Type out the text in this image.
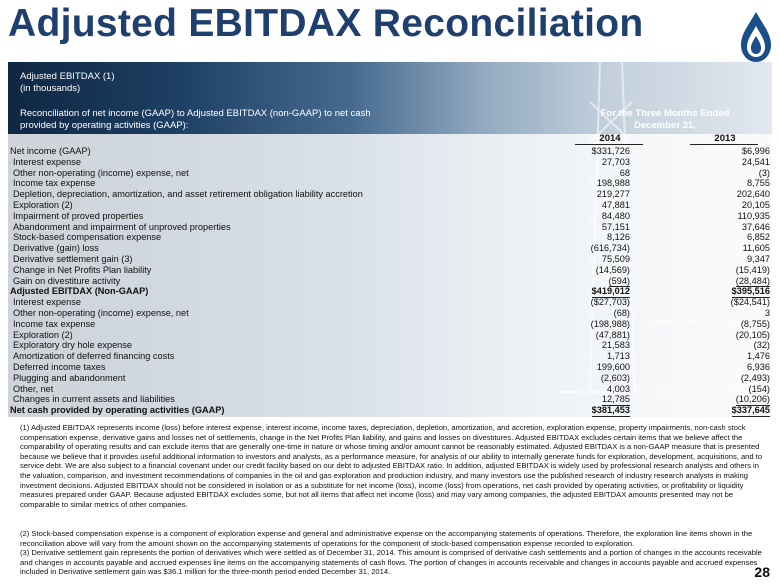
Adjusted EBITDAX Reconciliation
Adjusted EBITDAX (1)
(in thousands)
Reconciliation of net income (GAAP) to Adjusted EBITDAX (non-GAAP) to net cash
provided by operating activities (GAAP):
For the Three Months Ended
December 31,
2014	2013
Net income (GAAP)	$331,726	$6,996
Interest expense	27,703	24,541
Other non-operating (income) expense, net	68	(3)
Income tax expense	198,988	8,755
Depletion, depreciation, amortization, and asset retirement obligation liability accretion	219,277	202,640
Exploration (2)	47,881	20,105
Impairment of proved properties	84,480	110,935
Abandonment and impairment of unproved properties	57,151	37,646
Stock-based compensation expense	8,126	6,852
Derivative (gain) loss	(616,734)	11,605
Derivative settlement gain (3)	75,509	9,347
Change in Net Profits Plan liability	(14,569)	(15,419)
Gain on divestiture activity	(594)	(28,484)
Adjusted EBITDAX (Non-GAAP)	$419,012	$395,516
Interest expense	($27,703)	($24,541)
Other non-operating (income) expense, net	(68)	3
Income tax expense	(198,988)	(8,755)
Exploration (2)	(47,881)	(20,105)
Exploratory dry hole expense	21,583	(32)
Amortization of deferred financing costs	1,713	1,476
Deferred income taxes	199,600	6,936
Plugging and abandonment	(2,603)	(2,493)
Other, net	4,003	(154)
Changes in current assets and liabilities	12,785	(10,206)
Net cash provided by operating activities (GAAP)	$381,453	$337,645
(1) Adjusted EBITDAX represents income (loss) before interest expense, interest income, income taxes, depreciation, depletion, amortization, and accretion, exploration expense, property impairments, non-cash stock compensation expense, derivative gains and losses net of settlements, change in the Net Profits Plan liability, and gains and losses on divestitures. Adjusted EBITDAX excludes certain items that we believe affect the comparability of operating results and can exclude items that are generally one-time in nature or whose timing and/or amount cannot be reasonably estimated. Adjusted EBITDAX is a non-GAAP measure that is presented because we believe that it provides useful additional information to investors and analysts, as a performance measure, for analysis of our ability to internally generate funds for exploration, development, acquisitions, and to service debt. We are also subject to a financial covenant under our credit facility based on our debt to adjusted EBITDAX ratio. In addition, adjusted EBITDAX is widely used by professional research analysts and others in the valuation, comparison, and investment recommendations of companies in the oil and gas exploration and production industry, and many investors use the published research of industry research analysts in making investment decisions. Adjusted EBITDAX should not be considered in isolation or as a substitute for net income (loss), income (loss) from operations, net cash provided by operating activities, or profitability or liquidity measures prepared under GAAP. Because adjusted EBITDAX excludes some, but not all items that affect net income (loss) and may vary among companies, the adjusted EBITDAX amounts presented may not be comparable to similar metrics of other companies.
(2) Stock-based compensation expense is a component of exploration expense and general and administrative expense on the accompanying statements of operations. Therefore, the exploration line items shown in the reconciliation above will vary from the amount shown on the accompanying statements of operations for the component of stock-based compensation expense recorded to exploration.
(3) Derivative settlement gain represents the portion of derivatives which were settled as of December 31, 2014. This amount is comprised of derivative cash settlements and a portion of changes in the accounts receivable and changes in accounts payable and accrued expenses line items on the accompanying statements of cash flows. The portion of changes in accounts receivable and changes in accounts payable and accrued expenses included in Derivative settlement gain was $36.1 million for the three-month period ended December 31, 2014.	28
